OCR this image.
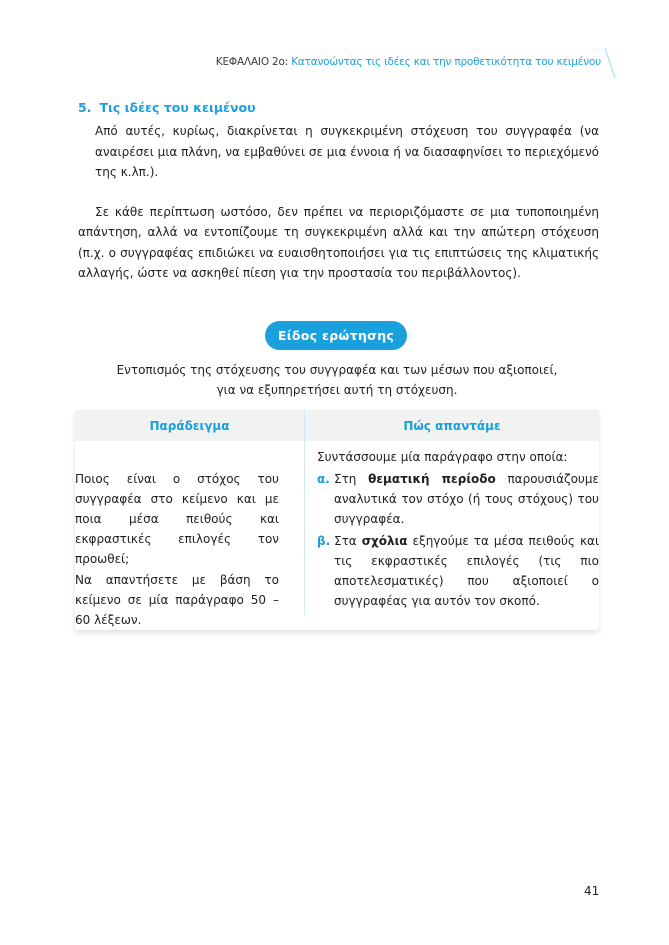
ΚΕΦΑΛΑΙΟ 2ο: Κατανοώντας τις ιδέες και την προθετικότητα του κειμένου
5. Τις ιδέες του κειμένου

Από αυτές, κυρίως, διακρίνεται η συγκεκριμένη στόχευση του συγγραφέα (να αναιρέσει μια πλάνη, να εμβαθύνει σε μια έννοια ή να διασαφηνίσει το περιεχόμενό της κ.λπ.).

Σε κάθε περίπτωση ωστόσο, δεν πρέπει να περιοριζόμαστε σε μια τυποποιημένη απάντηση, αλλά να εντοπίζουμε τη συγκεκριμένη αλλά και την απώτερη στόχευση (π.χ. ο συγγραφέας επιδιώκει να ευαισθητοποιήσει για τις επιπτώσεις της κλιματικής αλλαγής, ώστε να ασκηθεί πίεση για την προστασία του περιβάλλοντος).

Είδος ερώτησης
Εντοπισμός της στόχευσης του συγγραφέα και των μέσων που αξιοποιεί,
για να εξυπηρετήσει αυτή τη στόχευση.
Παράδειγμα	Πώς απαντάμε

Ποιος είναι ο στόχος του συγγραφέα στο κείμενο και με ποια μέσα πειθούς και εκφραστικές επιλογές τον προωθεί;

Να απαντήσετε με βάση το κείμενο σε μία παράγραφο 50 – 60 λέξεων.

Συντάσσουμε μία παράγραφο στην οποία:

α. Στη θεματική περίοδο παρουσιάζουμε αναλυτικά τον στόχο (ή τους στόχους) του συγγραφέα.
β. Στα σχόλια εξηγούμε τα μέσα πειθούς και τις εκφραστικές επιλογές (τις πιο αποτελεσματικές) που αξιοποιεί ο συγγραφέας για αυτόν τον σκοπό.
41
